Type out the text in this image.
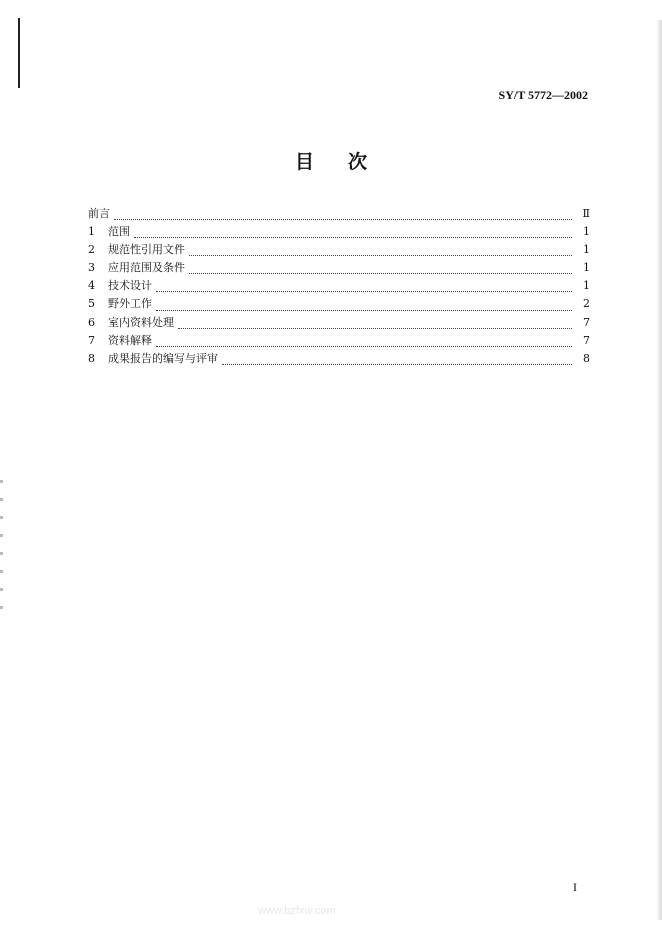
SY/T 5772—2002
目 次
前言	Ⅱ
1	范围	1
2	规范性引用文件	1
3	应用范围及条件	1
4	技术设计	1
5	野外工作	2
6	室内资料处理	7
7	资料解释	7
8	成果报告的编写与评审	8
I
www.bzfxw.com
